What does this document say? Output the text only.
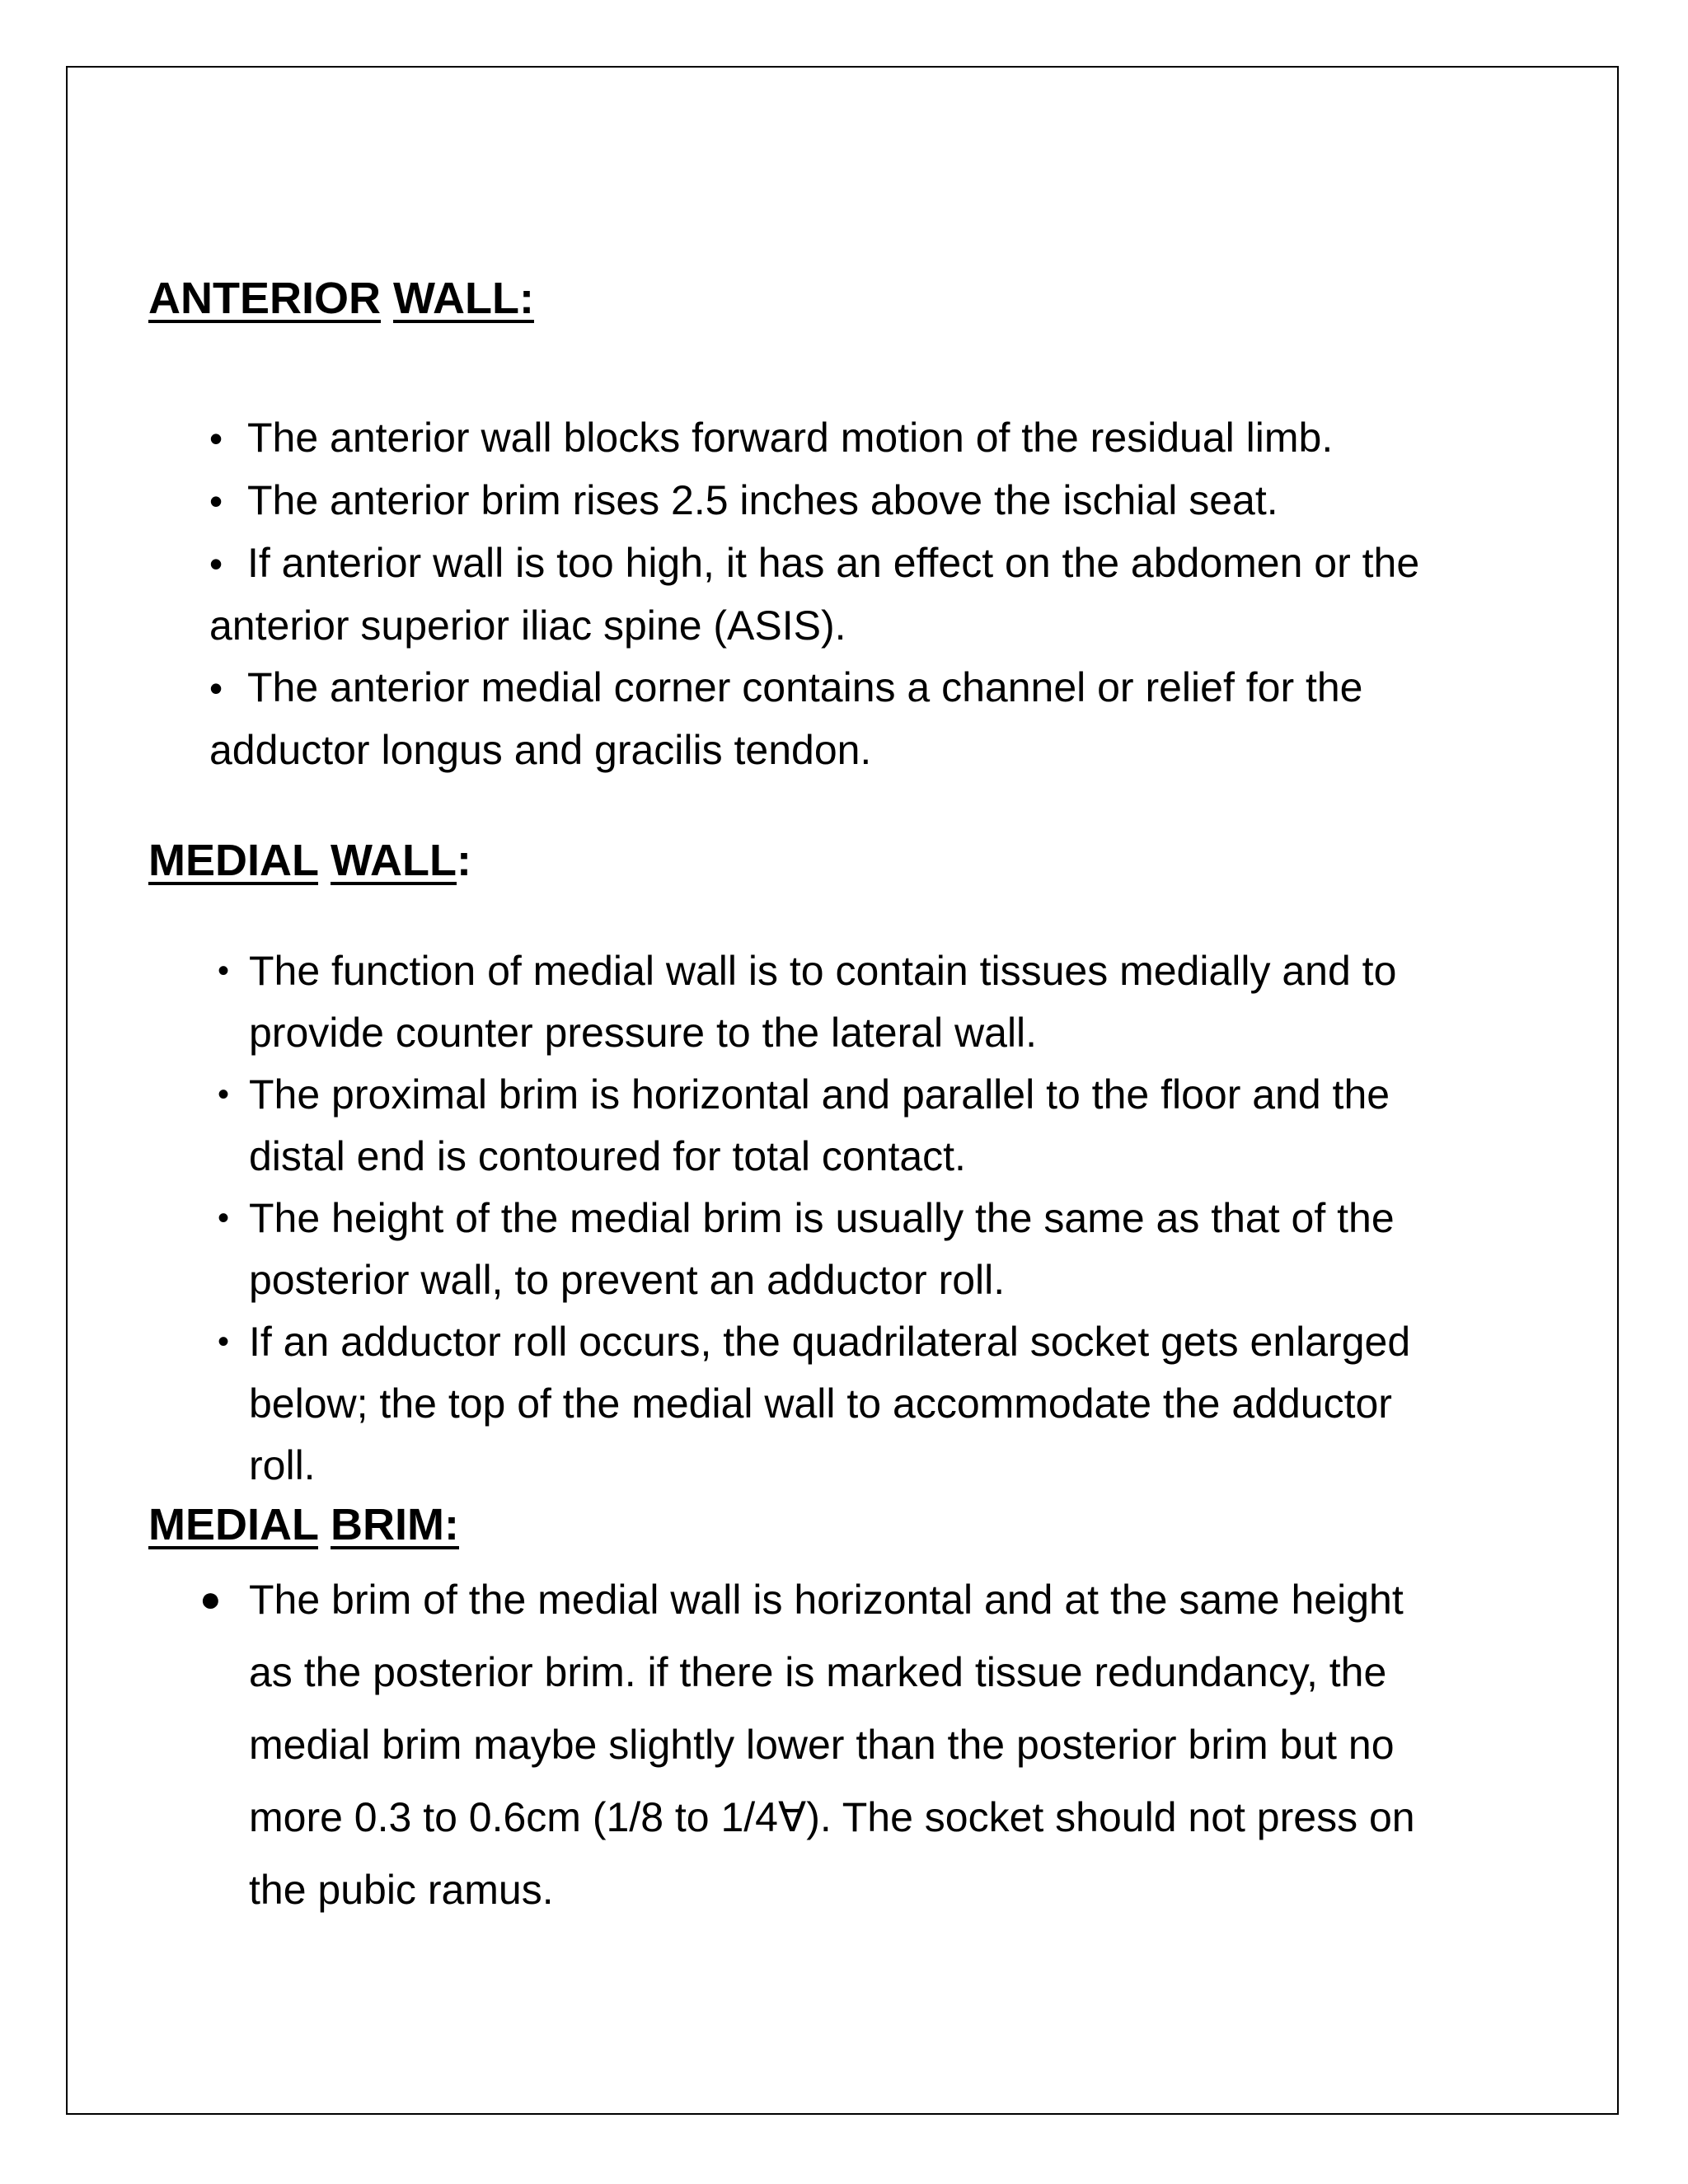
ANTERIOR WALL:
• The anterior wall blocks forward motion of the residual limb.
• The anterior brim rises 2.5 inches above the ischial seat.
• If anterior wall is too high, it has an effect on the abdomen or the
anterior superior iliac spine (ASIS).
• The anterior medial corner contains a channel or relief for the
adductor longus and gracilis tendon.
MEDIAL WALL:
• The function of medial wall is to contain tissues medially and to
provide counter pressure to the lateral wall.
• The proximal brim is horizontal and parallel to the floor and the
distal end is contoured for total contact.
• The height of the medial brim is usually the same as that of the
posterior wall, to prevent an adductor roll.
• If an adductor roll occurs, the quadrilateral socket gets enlarged
below; the top of the medial wall to accommodate the adductor
roll.
MEDIAL BRIM:
● The brim of the medial wall is horizontal and at the same height
as the posterior brim. if there is marked tissue redundancy, the
medial brim maybe slightly lower than the posterior brim but no
more 0.3 to 0.6cm (1/8 to 1/4∀). The socket should not press on
the pubic ramus.
